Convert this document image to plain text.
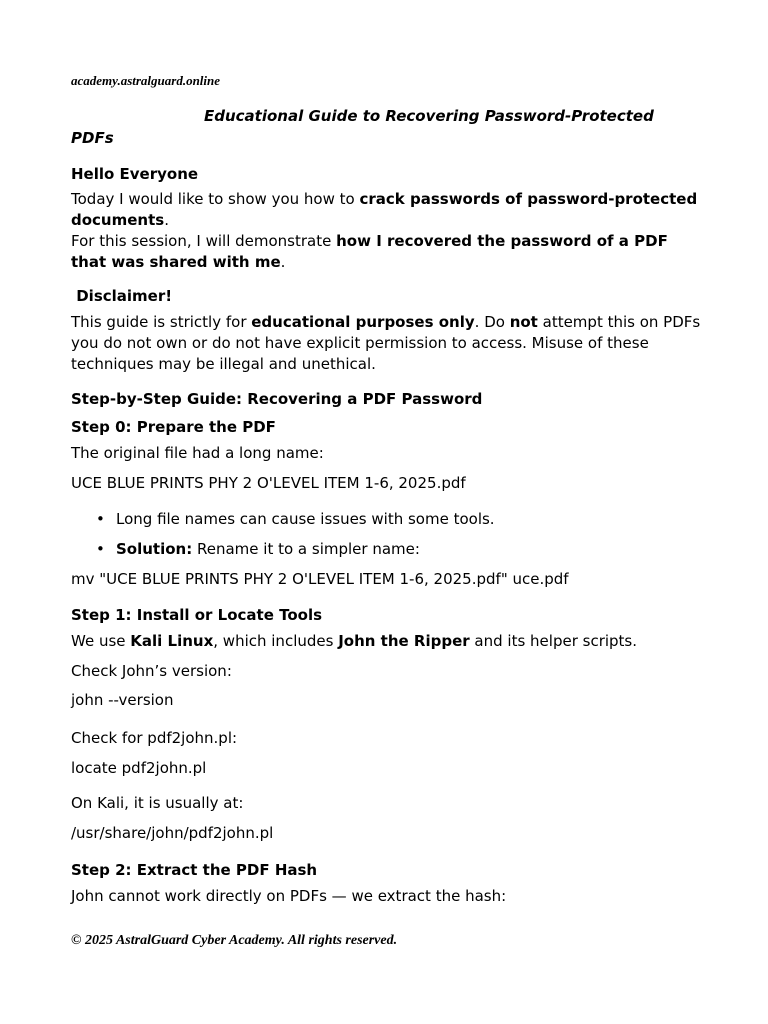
academy.astralguard.online
Educational Guide to Recovering Password-Protected
PDFs
Hello Everyone
Today I would like to show you how to crack passwords of password-protected documents.
For this session, I will demonstrate how I recovered the password of a PDF that was shared with me.
Disclaimer!
This guide is strictly for educational purposes only. Do not attempt this on PDFs you do not own or do not have explicit permission to access. Misuse of these techniques may be illegal and unethical.
Step-by-Step Guide: Recovering a PDF Password
Step 0: Prepare the PDF
The original file had a long name:
UCE BLUE PRINTS PHY 2 O'LEVEL ITEM 1-6, 2025.pdf
• Long file names can cause issues with some tools.
• Solution: Rename it to a simpler name:
mv "UCE BLUE PRINTS PHY 2 O'LEVEL ITEM 1-6, 2025.pdf" uce.pdf
Step 1: Install or Locate Tools
We use Kali Linux, which includes John the Ripper and its helper scripts.
Check John’s version:
john --version
Check for pdf2john.pl:
locate pdf2john.pl
On Kali, it is usually at:
/usr/share/john/pdf2john.pl
Step 2: Extract the PDF Hash
John cannot work directly on PDFs — we extract the hash:
© 2025 AstralGuard Cyber Academy. All rights reserved.
